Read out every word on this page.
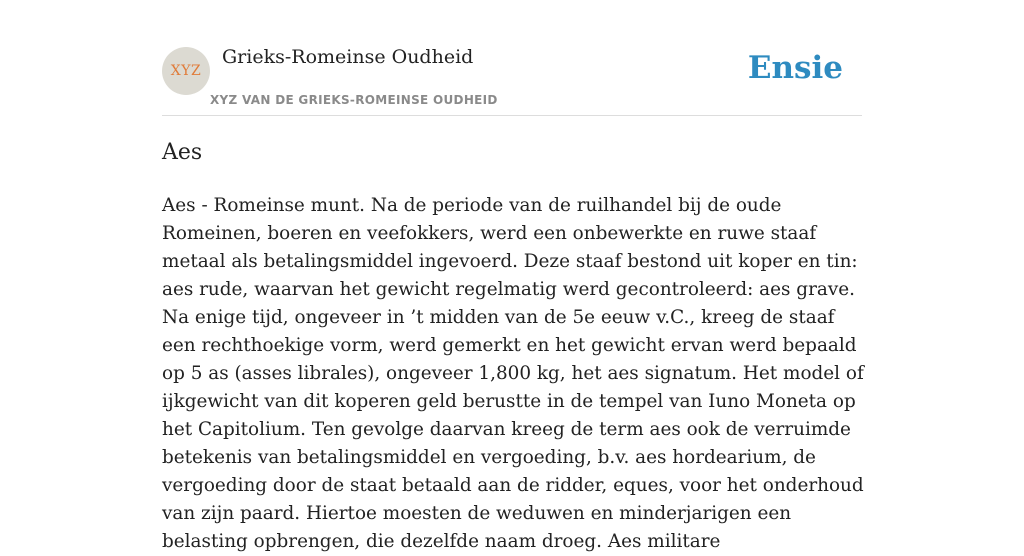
XYZ
Grieks-Romeinse Oudheid
XYZ VAN DE GRIEKS-ROMEINSE OUDHEID
Ensie
Aes

Aes - Romeinse munt. Na de periode van de ruilhandel bij de oude Romeinen, boeren en veefokkers, werd een onbewerkte en ruwe staaf metaal als betalingsmiddel ingevoerd. Deze staaf bestond uit koper en tin: aes rude, waarvan het gewicht regelmatig werd gecontroleerd: aes grave. Na enige tijd, ongeveer in ’t midden van de 5e eeuw v.C., kreeg de staaf een rechthoekige vorm, werd gemerkt en het gewicht ervan werd bepaald op 5 as (asses librales), ongeveer 1,800 kg, het aes signatum. Het model of ijkgewicht van dit koperen geld berustte in de tempel van Iuno Moneta op het Capitolium. Ten gevolge daarvan kreeg de term aes ook de verruimde betekenis van betalingsmiddel en vergoeding, b.v. aes hordearium, de vergoeding door de staat betaald aan de ridder, eques, voor het onderhoud van zijn paard. Hiertoe moesten de weduwen en minderjarigen een belasting opbrengen, die dezelfde naam droeg. Aes militare
